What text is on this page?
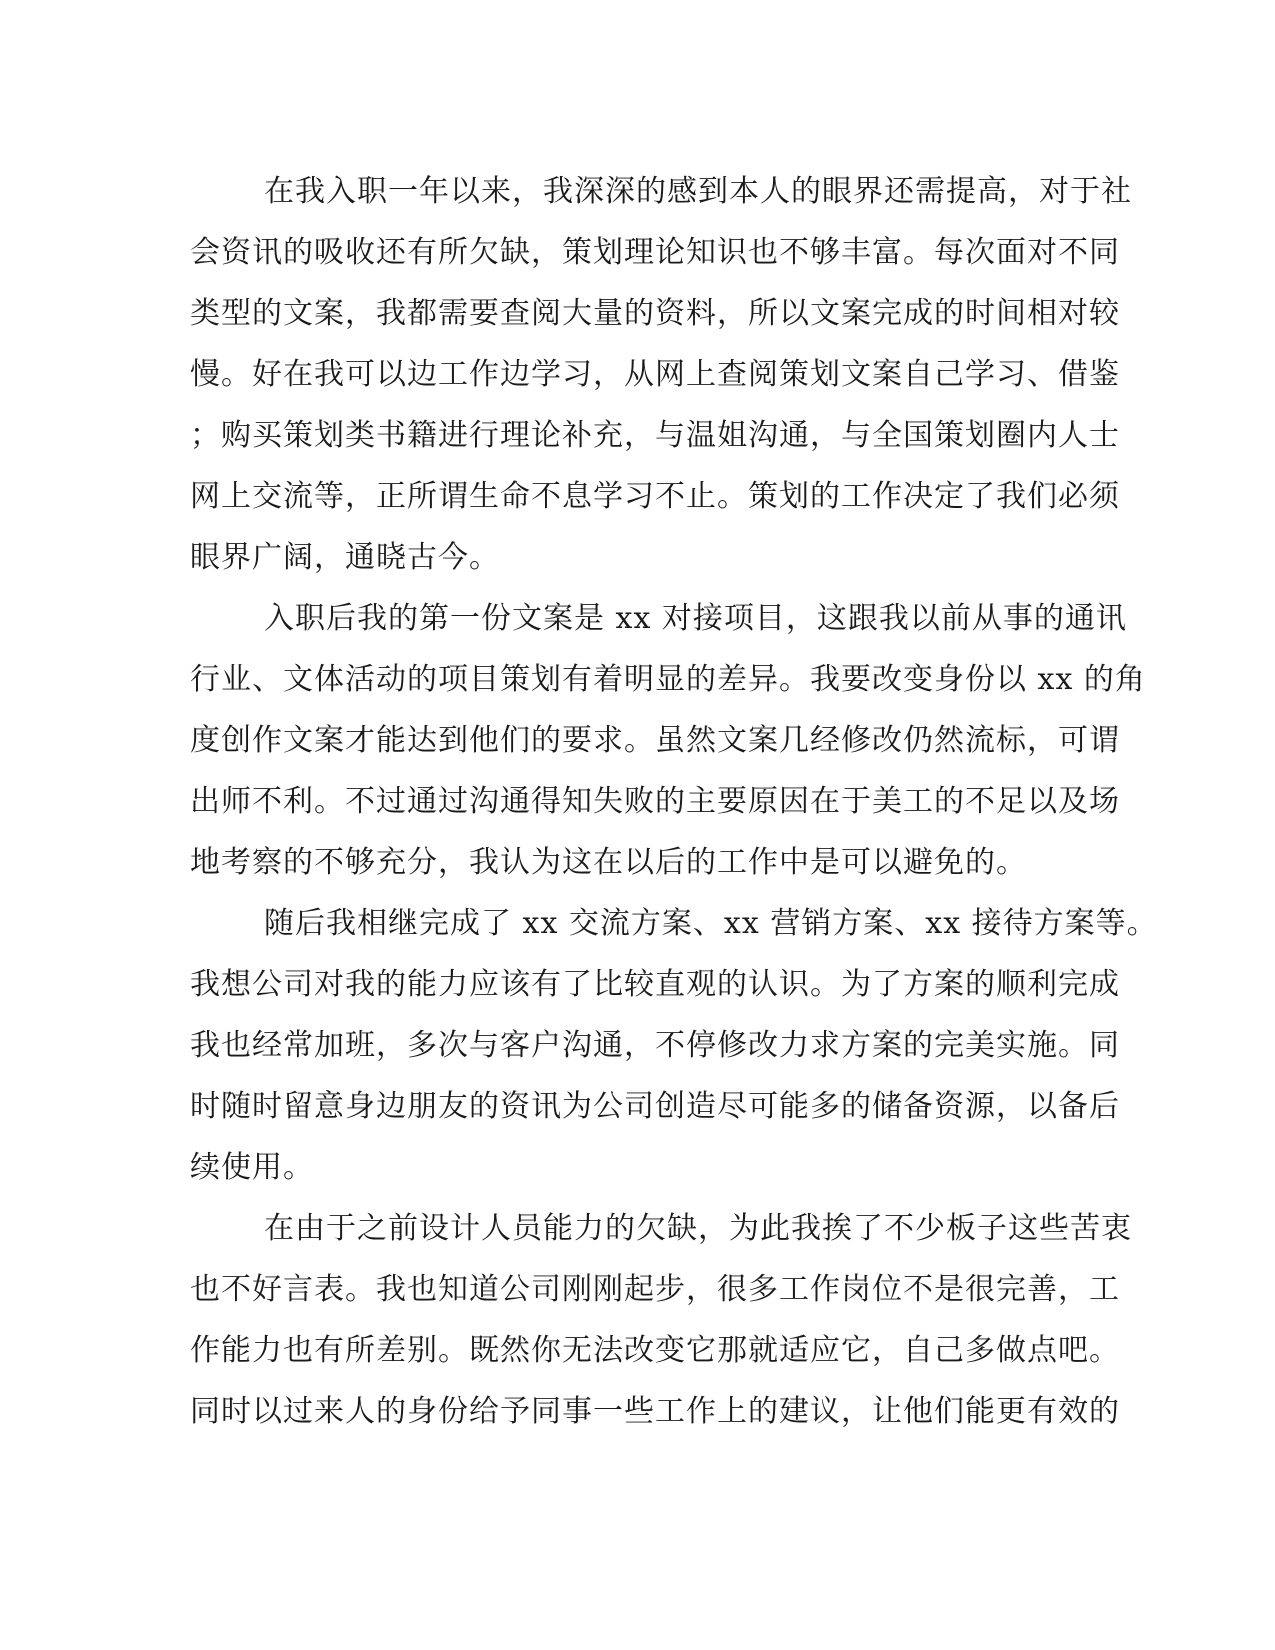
在我入职一年以来，我深深的感到本人的眼界还需提高，对于社
会资讯的吸收还有所欠缺，策划理论知识也不够丰富。每次面对不同
类型的文案，我都需要查阅大量的资料，所以文案完成的时间相对较
慢。好在我可以边工作边学习，从网上查阅策划文案自己学习、借鉴
；购买策划类书籍进行理论补充，与温姐沟通，与全国策划圈内人士
网上交流等，正所谓生命不息学习不止。策划的工作决定了我们必须
眼界广阔，通晓古今。
入职后我的第一份文案是 xx 对接项目，这跟我以前从事的通讯
行业、文体活动的项目策划有着明显的差异。我要改变身份以 xx 的角
度创作文案才能达到他们的要求。虽然文案几经修改仍然流标，可谓
出师不利。不过通过沟通得知失败的主要原因在于美工的不足以及场
地考察的不够充分，我认为这在以后的工作中是可以避免的。
随后我相继完成了 xx 交流方案、xx 营销方案、xx 接待方案等。
我想公司对我的能力应该有了比较直观的认识。为了方案的顺利完成
我也经常加班，多次与客户沟通，不停修改力求方案的完美实施。同
时随时留意身边朋友的资讯为公司创造尽可能多的储备资源，以备后
续使用。
在由于之前设计人员能力的欠缺，为此我挨了不少板子这些苦衷
也不好言表。我也知道公司刚刚起步，很多工作岗位不是很完善，工
作能力也有所差别。既然你无法改变它那就适应它，自己多做点吧。
同时以过来人的身份给予同事一些工作上的建议，让他们能更有效的
